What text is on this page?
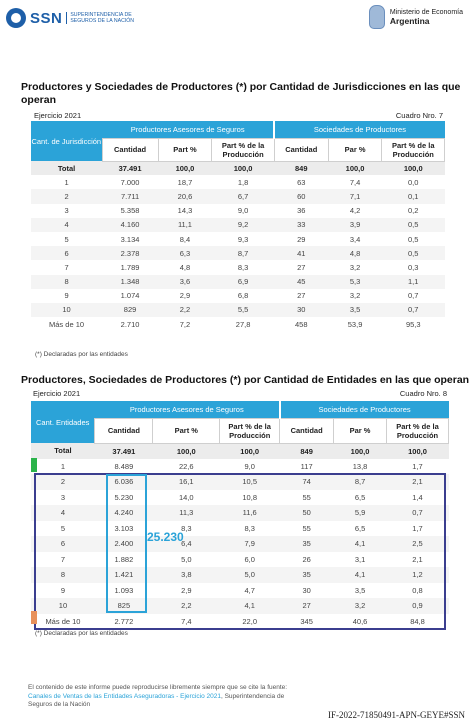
SSN SUPERINTENDENCIA DE
SEGUROS DE LA NACIÓN
Ministerio de Economía
Argentina
Productores y Sociedades de Productores (*) por Cantidad de Jurisdicciones en las que
operan
Ejercicio 2021	Cuadro Nro. 7
Cant. de Jurisdicción	Productores Asesores de Seguros			Sociedades de Productores		
	Cantidad	Part %	Part % de la Producción	Cantidad	Par %	Part % de la Producción
Total	37.491	100,0	100,0	849	100,0	100,0
1	7.000	18,7	1,8	63	7,4	0,0
2	7.711	20,6	6,7	60	7,1	0,1
3	5.358	14,3	9,0	36	4,2	0,2
4	4.160	11,1	9,2	33	3,9	0,5
5	3.134	8,4	9,3	29	3,4	0,5
6	2.378	6,3	8,7	41	4,8	0,5
7	1.789	4,8	8,3	27	3,2	0,3
8	1.348	3,6	6,9	45	5,3	1,1
9	1.074	2,9	6,8	27	3,2	0,7
10	829	2,2	5,5	30	3,5	0,7
Más de 10	2.710	7,2	27,8	458	53,9	95,3
(*) Declaradas por las entidades
Productores, Sociedades de Productores (*) por Cantidad de Entidades en las que operan
Ejercicio 2021	Cuadro Nro. 8
Cant. Entidades	Productores Asesores de Seguros			Sociedades de Productores		
	Cantidad	Part %	Part % de la Producción	Cantidad	Par %	Part % de la Producción
Total	37.491	100,0	100,0	849	100,0	100,0
1	8.489	22,6	9,0	117	13,8	1,7
2	6.036	16,1	10,5	74	8,7	2,1
3	5.230	14,0	10,8	55	6,5	1,4
4	4.240	11,3	11,6	50	5,9	0,7
5	3.103	8,3	8,3	55	6,5	1,7
6	2.400	6,4	7,9	35	4,1	2,5
7	1.882	5,0	6,0	26	3,1	2,1
8	1.421	3,8	5,0	35	4,1	1,2
9	1.093	2,9	4,7	30	3,5	0,8
10	825	2,2	4,1	27	3,2	0,9
Más de 10	2.772	7,4	22,0	345	40,6	84,8
25.230
(*) Declaradas por las entidades
El contenido de este informe puede reproducirse libremente siempre que se cite la fuente: Canales de Ventas de las Entidades Aseguradoras - Ejercicio 2021, Superintendencia de Seguros de la Nación
IF-2022-71850491-APN-GEYE#SSN
